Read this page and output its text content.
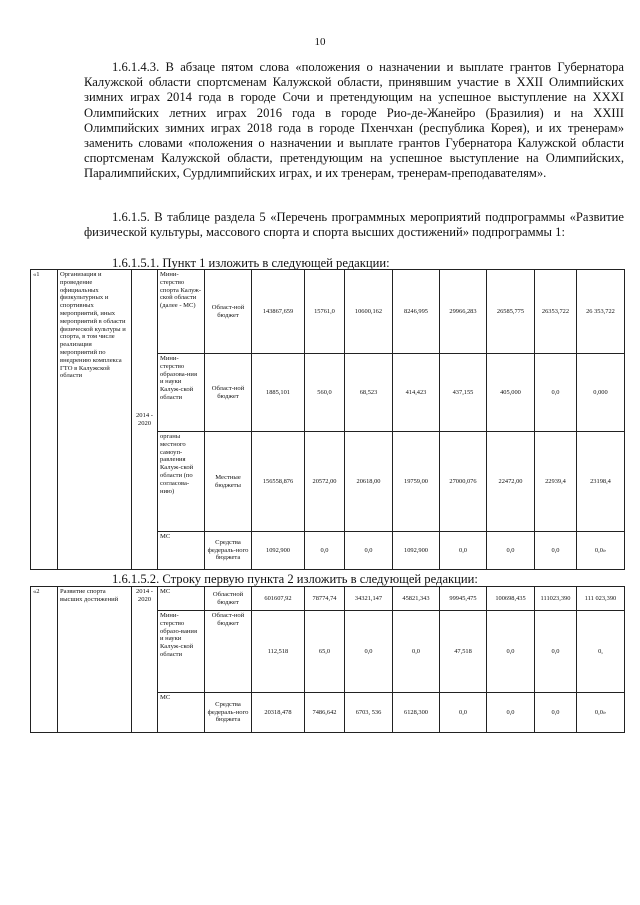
10

1.6.1.4.3. В абзаце пятом слова «положения о назначении и выплате грантов Губернатора Калужской области спортсменам Калужской области, принявшим участие в XXII Олимпийских зимних играх 2014 года в городе Сочи и претендующим на успешное выступление на XXXI Олимпийских летних играх 2016 года в городе Рио-де-Жанейро (Бразилия) и на XXIII Олимпийских зимних играх 2018 года в городе Пхенчхан (республика Корея), и их тренерам» заменить словами «положения о назначении и выплате грантов Губернатора Калужской области спортсменам Калужской области, претендующим на успешное выступление на Олимпийских, Паралимпийских, Сурдлимпийских играх, и их тренерам, тренерам-преподавателям».

1.6.1.5. В таблице раздела 5 «Перечень программных мероприятий подпрограммы «Развитие физической культуры, массового спорта и спорта высших достижений» подпрограммы 1:

1.6.1.5.1. Пункт 1 изложить в следующей редакции:
«1	Организация и проведение официальных физкультурных и спортивных мероприятий, иных мероприятий в области физической культуры и спорта, в том числе реализация мероприятий по внедрению комплекса ГТО в Калужской области	2014 - 2020	Мини-стерство спорта Калуж-ской области (далее - МС)	Област-ной бюджет	143867,659	15761,0	10600,162	8246,995	29966,283	26585,775	26353,722	26 353,722
			Мини-стерство образова-ния и науки Калуж-ской области	Област-ной бюджет	1885,101	560,0	68,523	414,423	437,155	405,000	0,0	0,000
			органы местного самоуп-равления Калуж-ской области (по согласова-нию)	Местные бюджеты	156558,876	20572,00	20618,00	19759,00	27000,076	22472,00	22939,4	23198,4
			МС	Средства федераль-ного бюджета	1092,900	0,0	0,0	1092,900	0,0	0,0	0,0	0,0»
1.6.1.5.2. Строку первую пункта 2 изложить в следующей редакции:
«2	Развитие спорта высших достижений	2014 - 2020	МС	Областной бюджет	601607,92	78774,74	34321,147	45821,343	99945,475	100698,435	111023,390	111 023,390
			Мини-стерство образо-вания и науки Калуж-ской области	Област-ной бюджет	112,518	65,0	0,0	0,0	47,518	0,0	0,0	0,
			МС	Средства федераль-ного бюджета	20318,478	7486,642	6703, 536	6128,300	0,0	0,0	0,0	0,0»
